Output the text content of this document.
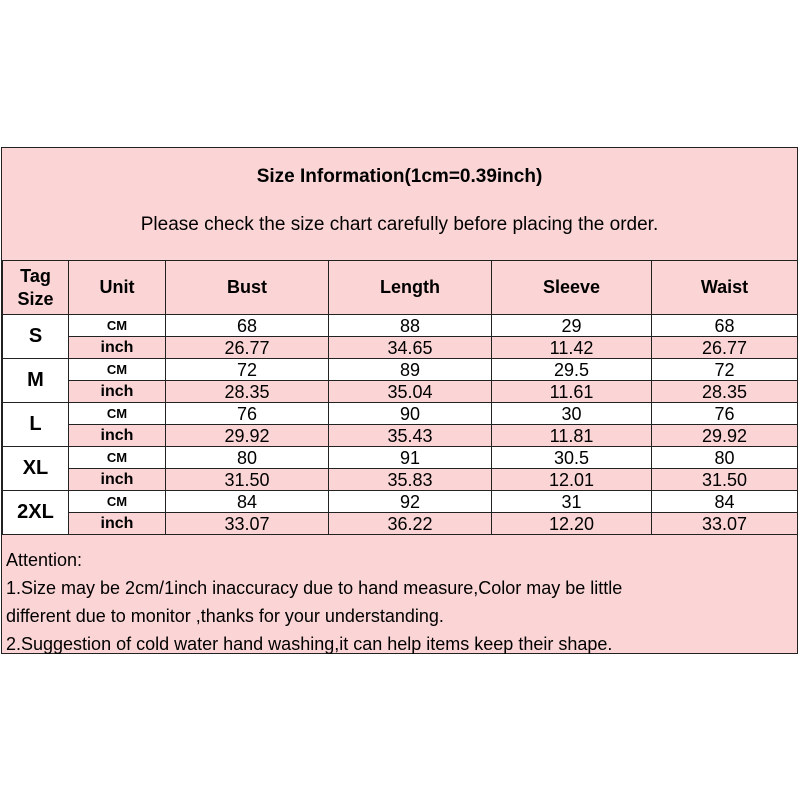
Size Information(1cm=0.39inch)
Please check the size chart carefully before placing the order.
Tag
Size	Unit	Bust	Length	Sleeve	Waist
S	CM	68	88	29	68
	inch	26.77	34.65	11.42	26.77
M	CM	72	89	29.5	72
	inch	28.35	35.04	11.61	28.35
L	CM	76	90	30	76
	inch	29.92	35.43	11.81	29.92
XL	CM	80	91	30.5	80
	inch	31.50	35.83	12.01	31.50
2XL	CM	84	92	31	84
	inch	33.07	36.22	12.20	33.07
Attention:
1.Size may be 2cm/1inch inaccuracy due to hand measure,Color may be little
different due to monitor ,thanks for your understanding.
2.Suggestion of cold water hand washing,it can help items keep their shape.
